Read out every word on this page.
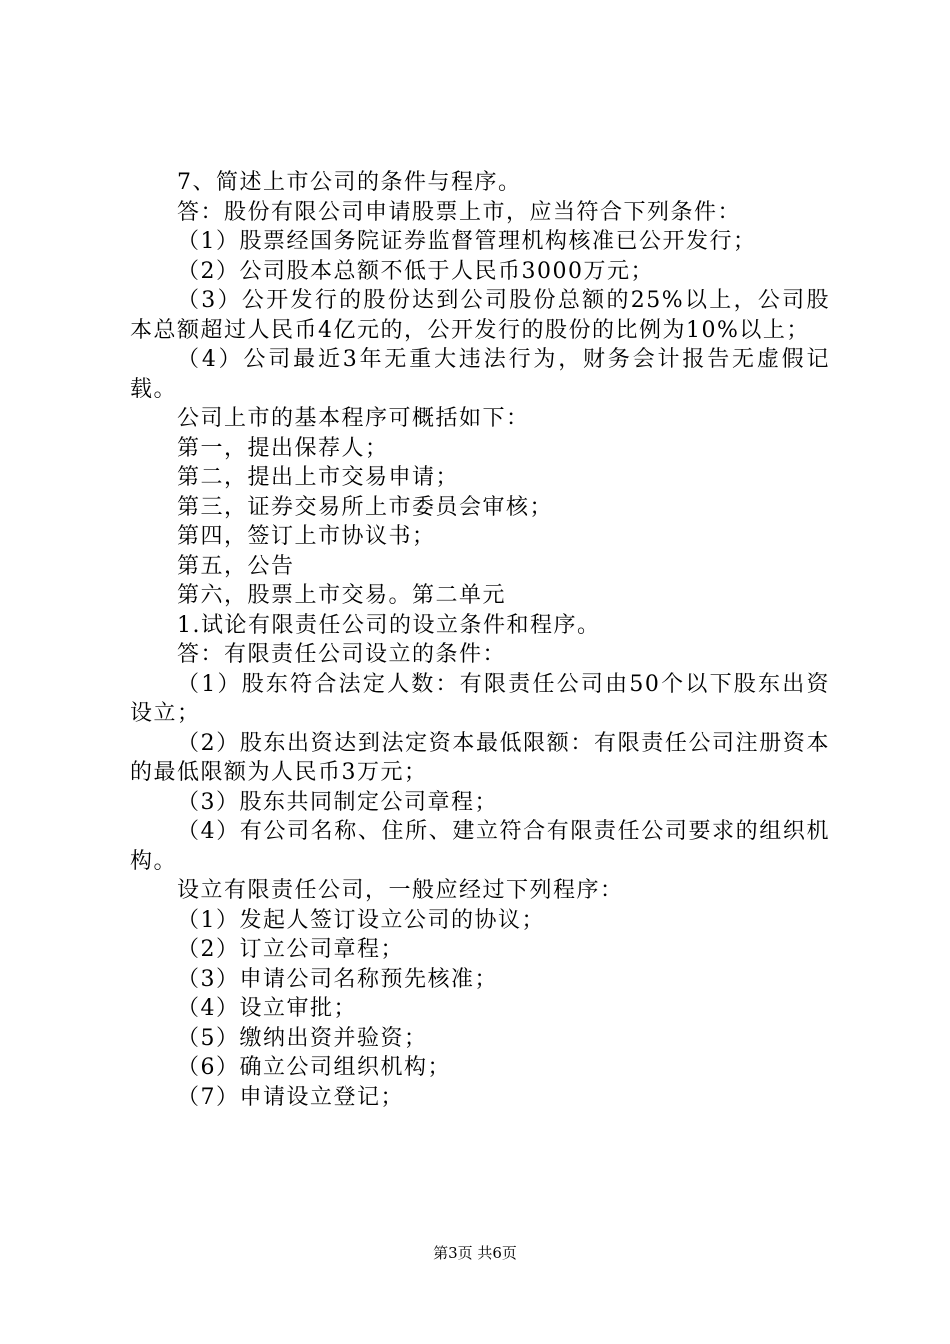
7、简述上市公司的条件与程序。

答：股份有限公司申请股票上市，应当符合下列条件：

（1）股票经国务院证券监督管理机构核准已公开发行；

（2）公司股本总额不低于人民币3000万元；

（3）公开发行的股份达到公司股份总额的25%以上，公司股本总额超过人民币4亿元的，公开发行的股份的比例为10%以上；

（4）公司最近3年无重大违法行为，财务会计报告无虚假记载。

公司上市的基本程序可概括如下：

第一，提出保荐人；

第二，提出上市交易申请；

第三，证券交易所上市委员会审核；

第四，签订上市协议书；

第五，公告

第六，股票上市交易。第二单元

1.试论有限责任公司的设立条件和程序。

答：有限责任公司设立的条件：

（1）股东符合法定人数：有限责任公司由50个以下股东出资设立；

（2）股东出资达到法定资本最低限额：有限责任公司注册资本的最低限额为人民币3万元；

（3）股东共同制定公司章程；

（4）有公司名称、住所、建立符合有限责任公司要求的组织机构。

设立有限责任公司，一般应经过下列程序：

（1）发起人签订设立公司的协议；

（2）订立公司章程；

（3）申请公司名称预先核准；

（4）设立审批；

（5）缴纳出资并验资；

（6）确立公司组织机构；

（7）申请设立登记；

第3页 共6页
